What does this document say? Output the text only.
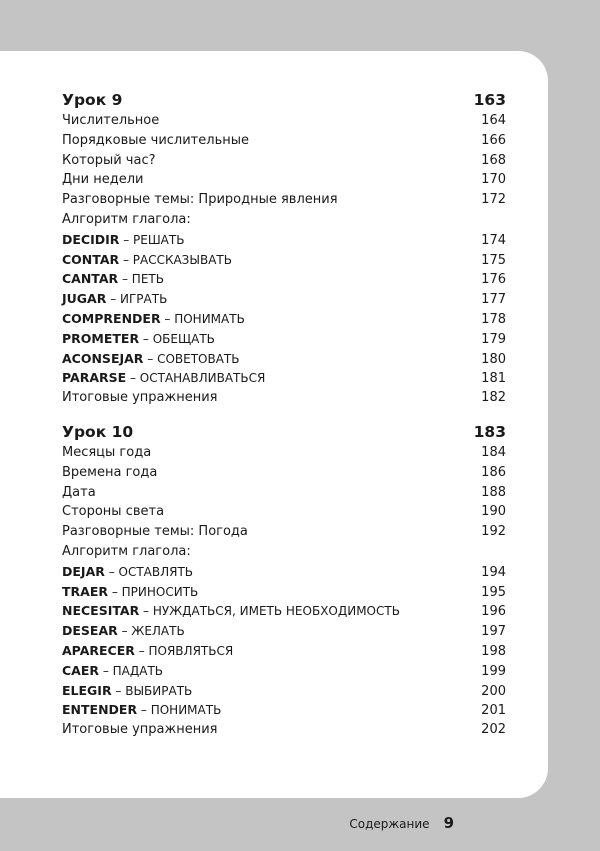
Урок 9	163
Числительное	164
Порядковые числительные	166
Который час?	168
Дни недели	170
Разговорные темы: Природные явления	172
Алгоритм глагола:
DECIDIR – РЕШАТЬ	174
CONTAR – РАССКАЗЫВАТЬ	175
CANTAR – ПЕТЬ	176
JUGAR – ИГРАТЬ	177
COMPRENDER – ПОНИМАТЬ	178
PROMETER – ОБЕЩАТЬ	179
ACONSEJAR – СОВЕТОВАТЬ	180
PARARSE – ОСТАНАВЛИВАТЬСЯ	181
Итоговые упражнения	182
Урок 10	183
Месяцы года	184
Времена года	186
Дата	188
Стороны света	190
Разговорные темы: Погода	192
Алгоритм глагола:
DEJAR – ОСТАВЛЯТЬ	194
TRAER – ПРИНОСИТЬ	195
NECESITAR – НУЖДАТЬСЯ, ИМЕТЬ НЕОБХОДИМОСТЬ	196
DESEAR – ЖЕЛАТЬ	197
APARECER – ПОЯВЛЯТЬСЯ	198
CAER – ПАДАТЬ	199
ELEGIR – ВЫБИРАТЬ	200
ENTENDER – ПОНИМАТЬ	201
Итоговые упражнения	202
Содержание 9
